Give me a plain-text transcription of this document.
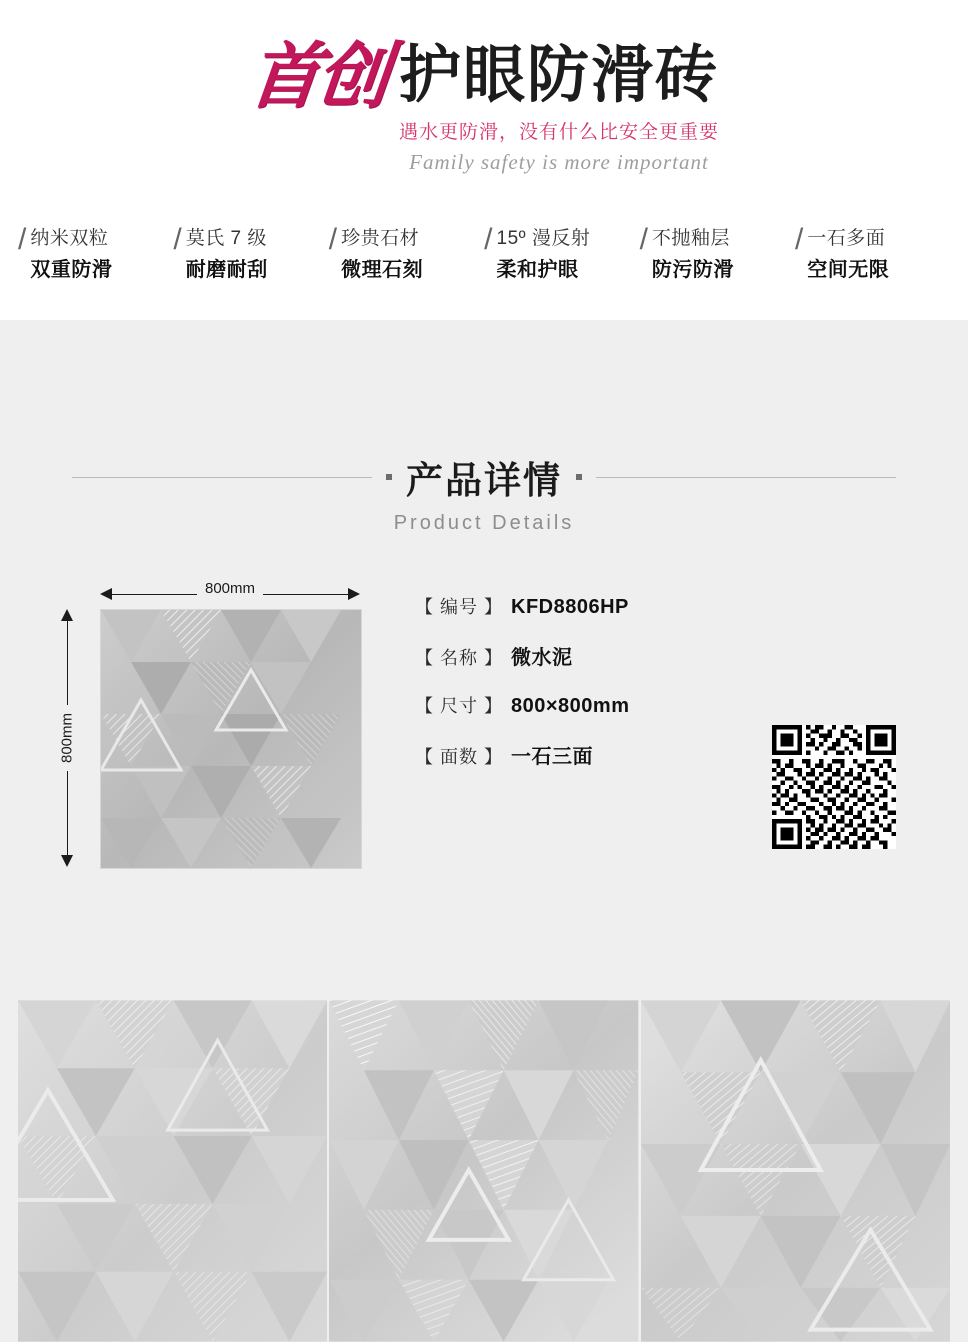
首创 护眼防滑砖
遇水更防滑，没有什么比安全更重要
Family safety is more important
/ 纳米双粒
双重防滑
/ 莫氏 7 级
耐磨耐刮
/ 珍贵石材
微理石刻
/ 15º 漫反射
柔和护眼
/ 不抛釉层
防污防滑
/ 一石多面
空间无限
产品详情
Product Details
800mm
800mm
【 编号 】 KFD8806HP
【 名称 】 微水泥
【 尺寸 】 800×800mm
【 面数 】 一石三面
